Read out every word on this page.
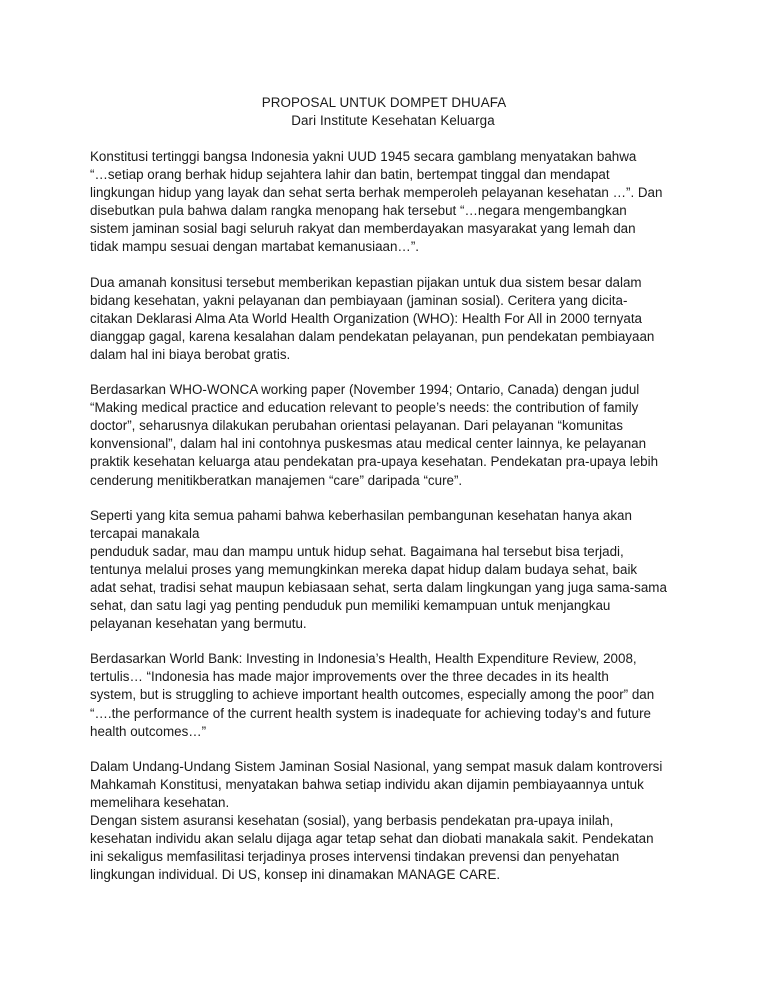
PROPOSAL UNTUK DOMPET DHUAFA
Dari Institute Kesehatan Keluarga

Konstitusi tertinggi bangsa Indonesia yakni UUD 1945 secara gamblang menyatakan bahwa
“…setiap orang berhak hidup sejahtera lahir dan batin, bertempat tinggal dan mendapat
lingkungan hidup yang layak dan sehat serta berhak memperoleh pelayanan kesehatan …”. Dan
disebutkan pula bahwa dalam rangka menopang hak tersebut “…negara mengembangkan
sistem jaminan sosial bagi seluruh rakyat dan memberdayakan masyarakat yang lemah dan
tidak mampu sesuai dengan martabat kemanusiaan…”.

Dua amanah konsitusi tersebut memberikan kepastian pijakan untuk dua sistem besar dalam
bidang kesehatan, yakni pelayanan dan pembiayaan (jaminan sosial). Ceritera yang dicita-
citakan Deklarasi Alma Ata World Health Organization (WHO): Health For All in 2000 ternyata
dianggap gagal, karena kesalahan dalam pendekatan pelayanan, pun pendekatan pembiayaan
dalam hal ini biaya berobat gratis.

Berdasarkan WHO-WONCA working paper (November 1994; Ontario, Canada) dengan judul
“Making medical practice and education relevant to people’s needs: the contribution of family
doctor”, seharusnya dilakukan perubahan orientasi pelayanan. Dari pelayanan “komunitas
konvensional”, dalam hal ini contohnya puskesmas atau medical center lainnya, ke pelayanan
praktik kesehatan keluarga atau pendekatan pra-upaya kesehatan. Pendekatan pra-upaya lebih
cenderung menitikberatkan manajemen “care” daripada “cure”.

Seperti yang kita semua pahami bahwa keberhasilan pembangunan kesehatan hanya akan
tercapai manakala
penduduk sadar, mau dan mampu untuk hidup sehat. Bagaimana hal tersebut bisa terjadi,
tentunya melalui proses yang memungkinkan mereka dapat hidup dalam budaya sehat, baik
adat sehat, tradisi sehat maupun kebiasaan sehat, serta dalam lingkungan yang juga sama-sama
sehat, dan satu lagi yag penting penduduk pun memiliki kemampuan untuk menjangkau
pelayanan kesehatan yang bermutu.

Berdasarkan World Bank: Investing in Indonesia’s Health, Health Expenditure Review, 2008,
tertulis… “Indonesia has made major improvements over the three decades in its health
system, but is struggling to achieve important health outcomes, especially among the poor” dan
“….the performance of the current health system is inadequate for achieving today’s and future
health outcomes…”

Dalam Undang-Undang Sistem Jaminan Sosial Nasional, yang sempat masuk dalam kontroversi
Mahkamah Konstitusi, menyatakan bahwa setiap individu akan dijamin pembiayaannya untuk
memelihara kesehatan.

Dengan sistem asuransi kesehatan (sosial), yang berbasis pendekatan pra-upaya inilah,
kesehatan individu akan selalu dijaga agar tetap sehat dan diobati manakala sakit. Pendekatan
ini sekaligus memfasilitasi terjadinya proses intervensi tindakan prevensi dan penyehatan
lingkungan individual. Di US, konsep ini dinamakan MANAGE CARE.
